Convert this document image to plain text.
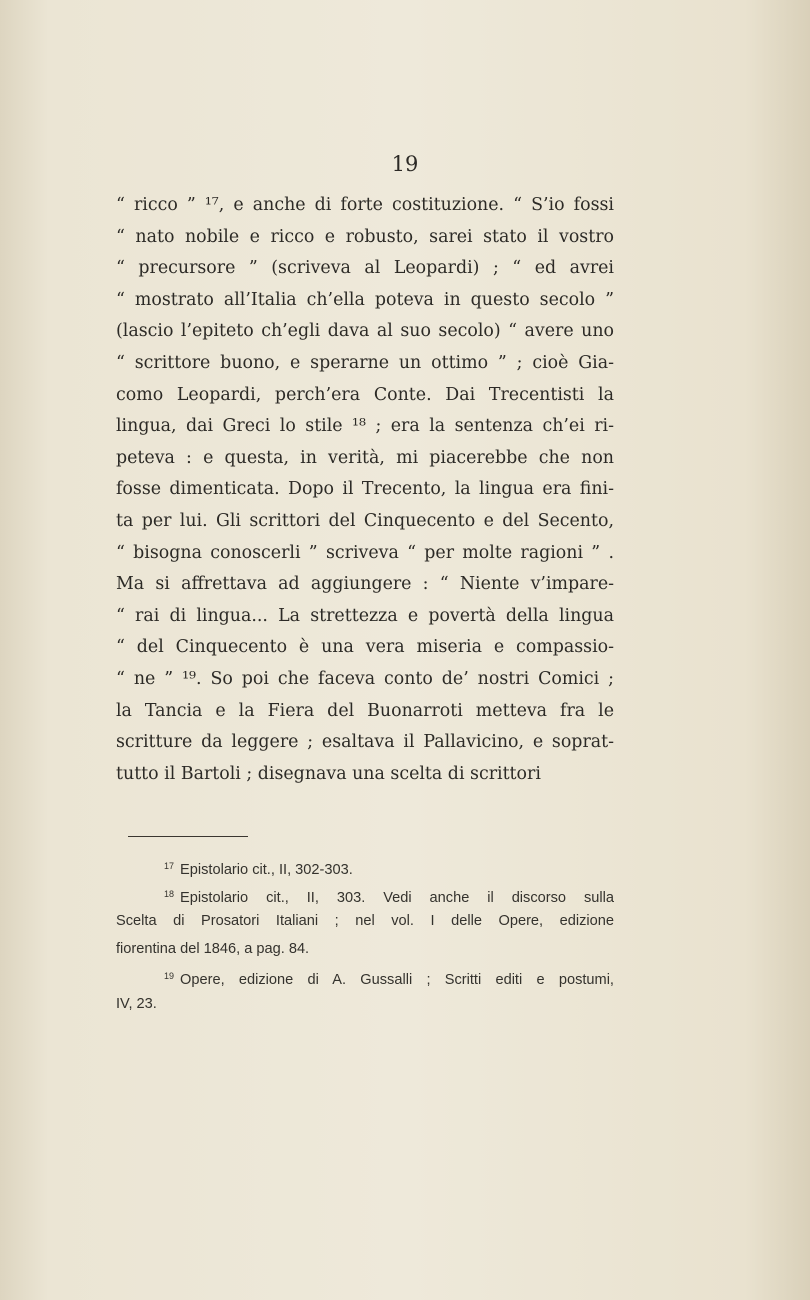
19
“ ricco ” ¹⁷, e anche di forte costituzione. “ S’io fossi
“ nato nobile e ricco e robusto, sarei stato il vostro
“ precursore ” (scriveva al Leopardi) ; “ ed avrei
“ mostrato all’Italia ch’ella poteva in questo secolo ”
(lascio l’epiteto ch’egli dava al suo secolo) “ avere uno
“ scrittore buono, e sperarne un ottimo ” ; cioè Gia-
como Leopardi, perch’era Conte. Dai Trecentisti la
lingua, dai Greci lo stile ¹⁸ ; era la sentenza ch’ei ri-
peteva : e questa, in verità, mi piacerebbe che non
fosse dimenticata. Dopo il Trecento, la lingua era fini-
ta per lui. Gli scrittori del Cinquecento e del Secento,
“ bisogna conoscerli ” scriveva “ per molte ragioni ” .
Ma si affrettava ad aggiungere : “ Niente v’impare-
“ rai di lingua... La strettezza e povertà della lingua
“ del Cinquecento è una vera miseria e compassio-
“ ne ” ¹⁹. So poi che faceva conto de’ nostri Comici ;
la Tancia e la Fiera del Buonarroti metteva fra le
scritture da leggere ; esaltava il Pallavicino, e soprat-
tutto il Bartoli ; disegnava una scelta di scrittori
$^{17}$ Epistolario cit., II, 302-303.
$^{18}$ Epistolario cit., II, 303. Vedi anche il discorso sulla
Scelta di Prosatori Italiani ; nel vol. I delle Opere, edizione
fiorentina del 1846, a pag. 84.
$^{19}$ Opere, edizione di A. Gussalli ; Scritti editi e postumi,
IV, 23.
